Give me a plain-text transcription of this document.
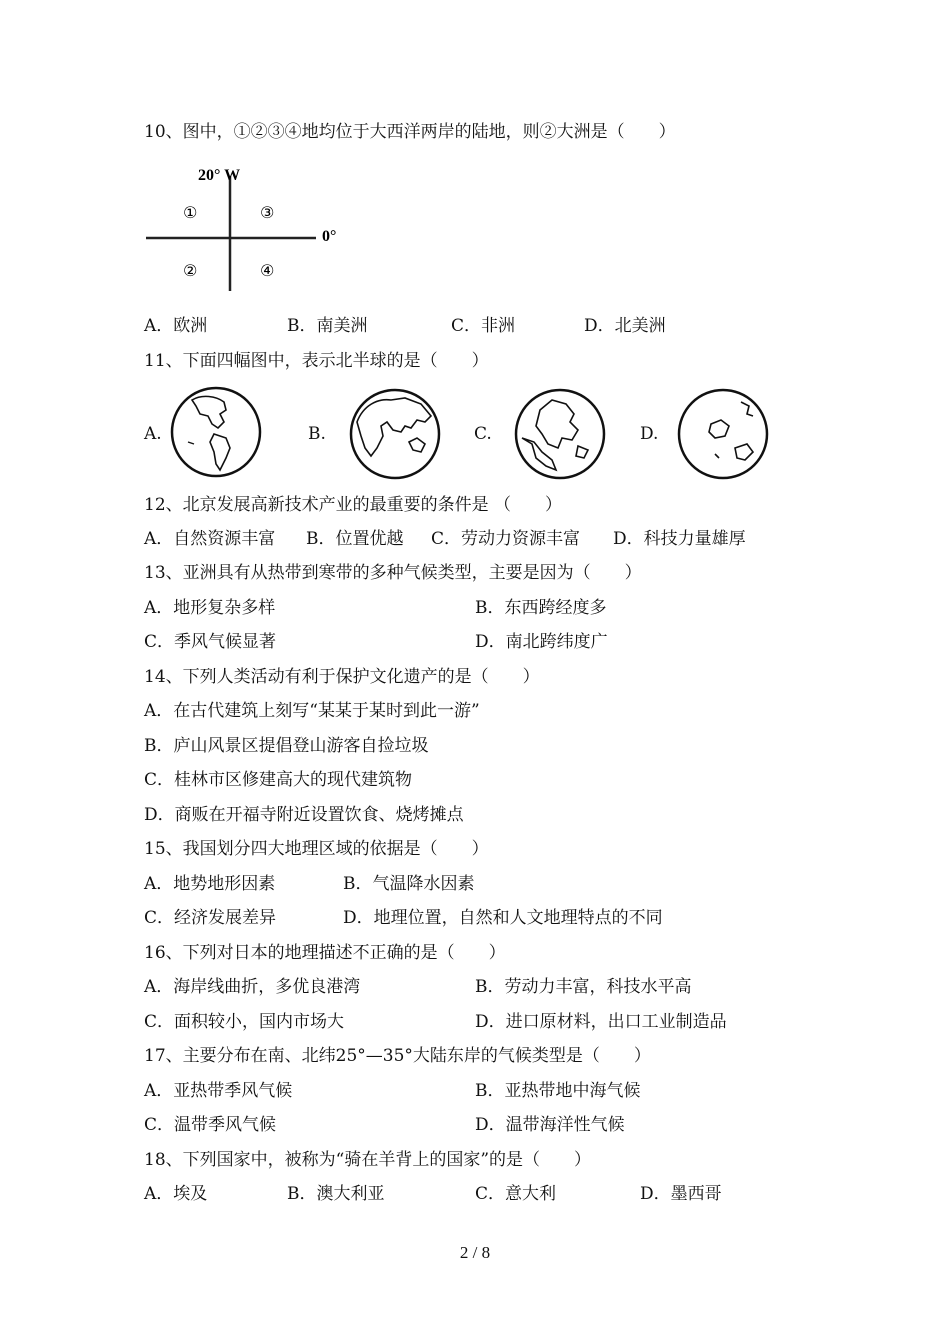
10、图中，①②③④地均位于大西洋两岸的陆地，则②大洲是（　　）
20° W
0°
①	③
②	④
A．欧洲	B．南美洲	C．非洲	D．北美洲
11、下面四幅图中，表示北半球的是（　　）
A.	B.	C.	D.
12、北京发展高新技术产业的最重要的条件是 （　　）
A．自然资源丰富 B．位置优越 C．劳动力资源丰富 D．科技力量雄厚
13、亚洲具有从热带到寒带的多种气候类型，主要是因为（　　）
A．地形复杂多样	B．东西跨经度多
C．季风气候显著	D．南北跨纬度广
14、下列人类活动有利于保护文化遗产的是（　　）
A．在古代建筑上刻写“某某于某时到此一游”
B．庐山风景区提倡登山游客自捡垃圾
C．桂林市区修建高大的现代建筑物
D．商贩在开福寺附近设置饮食、烧烤摊点
15、我国划分四大地理区域的依据是（　　）
A．地势地形因素	B．气温降水因素
C．经济发展差异	D．地理位置，自然和人文地理特点的不同
16、下列对日本的地理描述不正确的是（　　）
A．海岸线曲折，多优良港湾	B．劳动力丰富，科技水平高
C．面积较小，国内市场大	D．进口原材料，出口工业制造品
17、主要分布在南、北纬25°—35°大陆东岸的气候类型是（　　）
A．亚热带季风气候	B．亚热带地中海气候
C．温带季风气候	D．温带海洋性气候
18、下列国家中，被称为“骑在羊背上的国家”的是（　　）
A．埃及	B．澳大利亚	C．意大利	D．墨西哥
2 / 8
